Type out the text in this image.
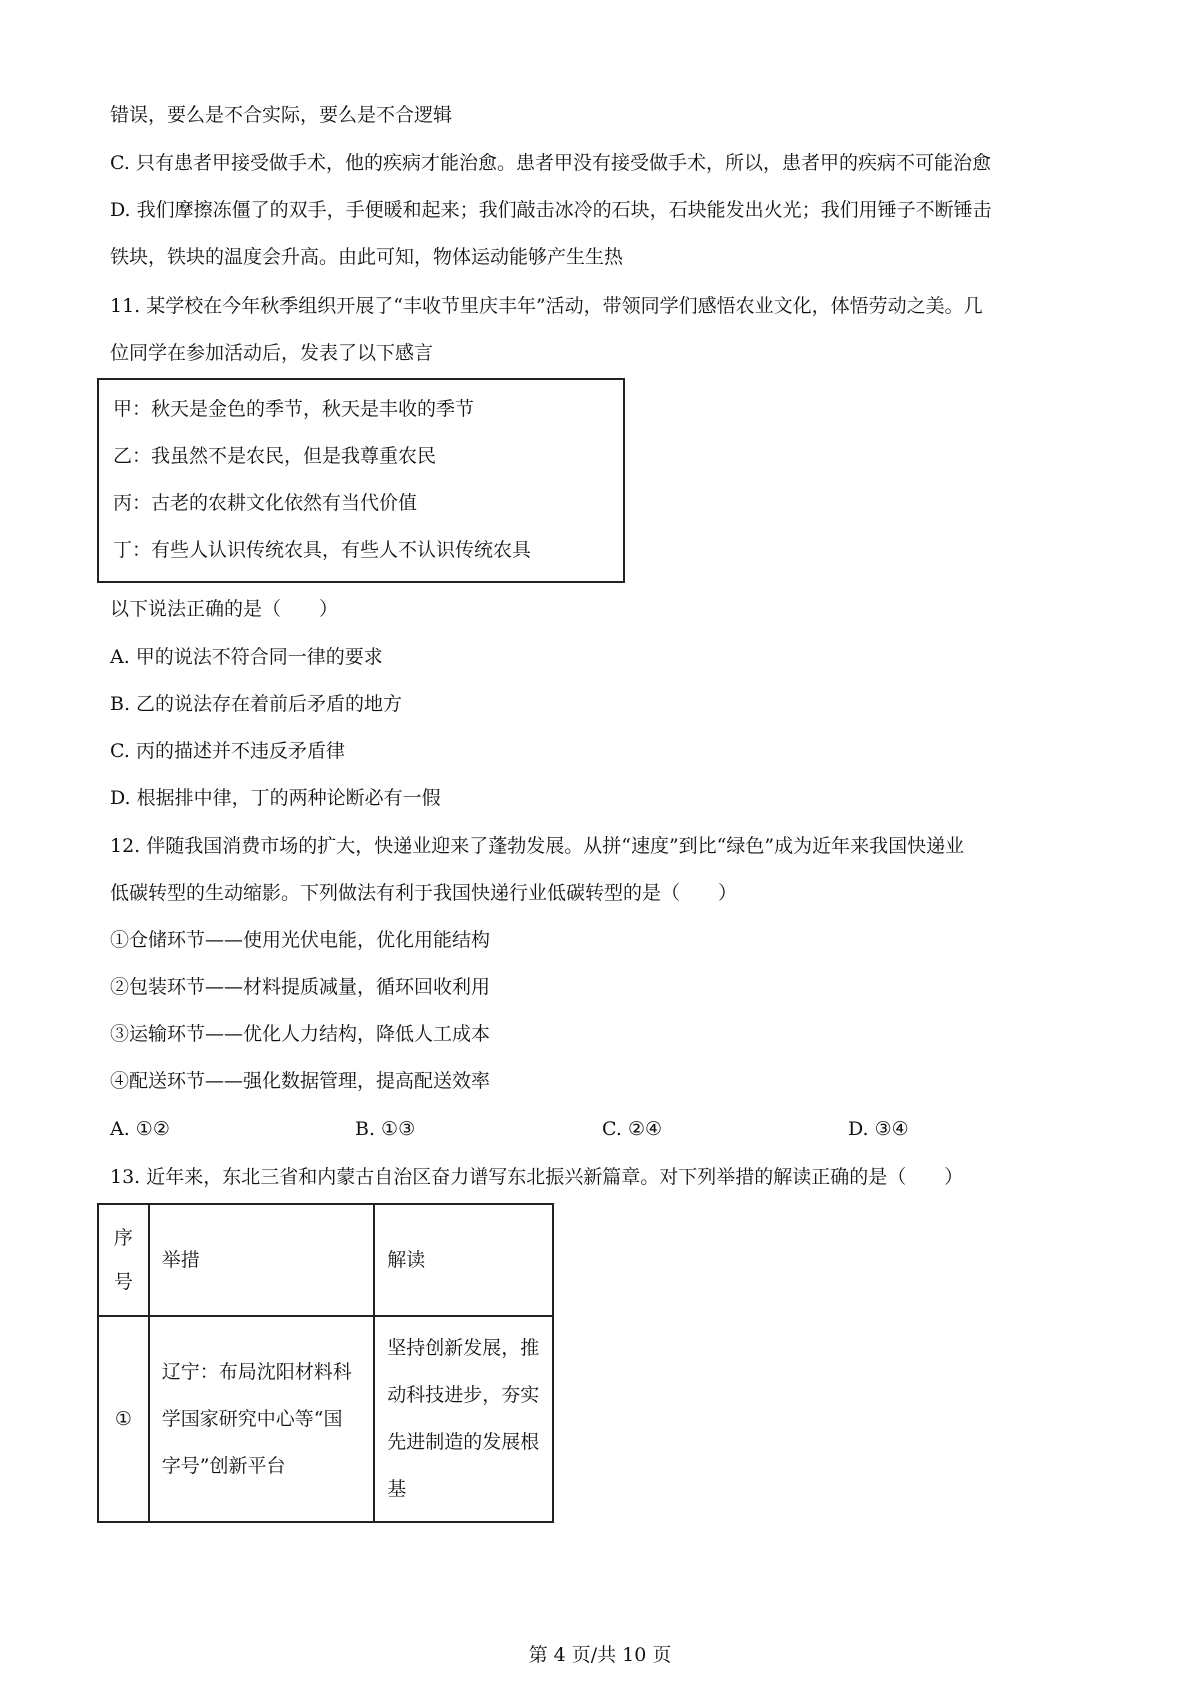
错误，要么是不合实际，要么是不合逻辑
C. 只有患者甲接受做手术，他的疾病才能治愈。患者甲没有接受做手术，所以，患者甲的疾病不可能治愈
D. 我们摩擦冻僵了的双手，手便暖和起来；我们敲击冰冷的石块，石块能发出火光；我们用锤子不断锤击
铁块，铁块的温度会升高。由此可知，物体运动能够产生生热
11. 某学校在今年秋季组织开展了“丰收节里庆丰年”活动，带领同学们感悟农业文化，体悟劳动之美。几
位同学在参加活动后，发表了以下感言
甲：秋天是金色的季节，秋天是丰收的季节
乙：我虽然不是农民，但是我尊重农民
丙：古老的农耕文化依然有当代价值
丁：有些人认识传统农具，有些人不认识传统农具
以下说法正确的是（　　）
A. 甲的说法不符合同一律的要求
B. 乙的说法存在着前后矛盾的地方
C. 丙的描述并不违反矛盾律
D. 根据排中律，丁的两种论断必有一假
12. 伴随我国消费市场的扩大，快递业迎来了蓬勃发展。从拼“速度”到比“绿色”成为近年来我国快递业
低碳转型的生动缩影。下列做法有利于我国快递行业低碳转型的是（　　）
①仓储环节——使用光伏电能，优化用能结构
②包装环节——材料提质减量，循环回收利用
③运输环节——优化人力结构，降低人工成本
④配送环节——强化数据管理，提高配送效率
A. ①②	B. ①③	C. ②④	D. ③④
13. 近年来，东北三省和内蒙古自治区奋力谱写东北振兴新篇章。对下列举措的解读正确的是（　　）
序号	举措	解读
①	辽宁：布局沈阳材料科学国家研究中心等“国字号”创新平台	坚持创新发展，推动科技进步，夯实先进制造的发展根基
第 4 页/共 10 页
